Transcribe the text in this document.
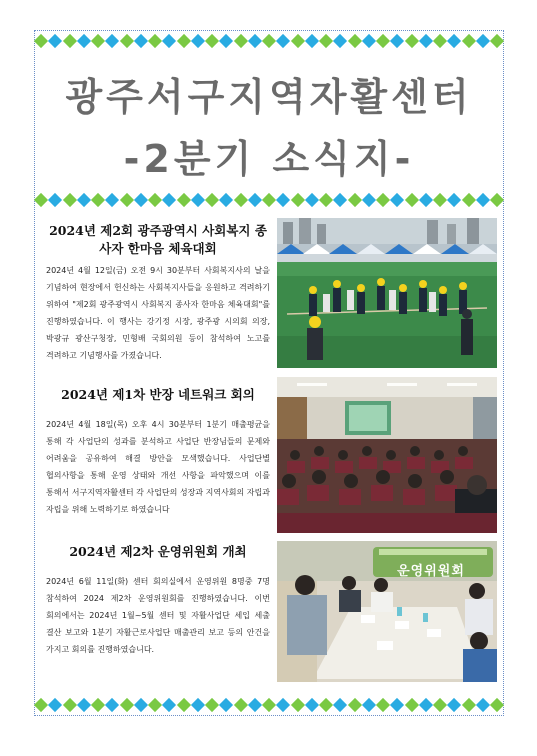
광주서구지역자활센터
-2분기 소식지-
2024년 제2회 광주광역시 사회복지 종사자 한마음 체육대회
2024년 4월 12일(금) 오전 9시 30분부터 사회복지사의 날을 기념하여 현장에서 헌신하는 사회복지사들을 응원하고 격려하기 위하여 "제2회 광주광역시 사회복지 종사자 한마음 체육대회"를 진행하였습니다. 이 행사는 강기정 시장, 광주광 시의회 의장, 박광규 광산구청장, 민형배 국회의원 등이 참석하여 노고를 격려하고 기념행사를 가졌습니다.
2024년 제1차 반장 네트워크 회의
2024년 4월 18일(목) 오후 4시 30분부터 1분기 매출평균을 통해 각 사업단의 성과를 분석하고 사업단 반장님들의 문제와 어려움을 공유하여 해결 방안을 모색했습니다. 사업단별 협의사항을 통해 운영 상태와 개선 사항을 파악했으며 이를 통해서 서구지역자활센터 각 사업단의 성장과 지역사회의 자립과 자립을 위해 노력하기로 하였습니다
2024년 제2차 운영위원회 개최
2024년 6월 11일(화) 센터 회의실에서 운영위원 8명중 7명 참석하여 2024 제2차 운영위원회를 진행하였습니다. 이번 회의에서는 2024년 1월~5월 센터 및 자활사업단 세입 세출 결산 보고와 1분기 자활근로사업단 매출관리 보고 등의 안건을 가지고 회의를 진행하였습니다.
운영위원회
